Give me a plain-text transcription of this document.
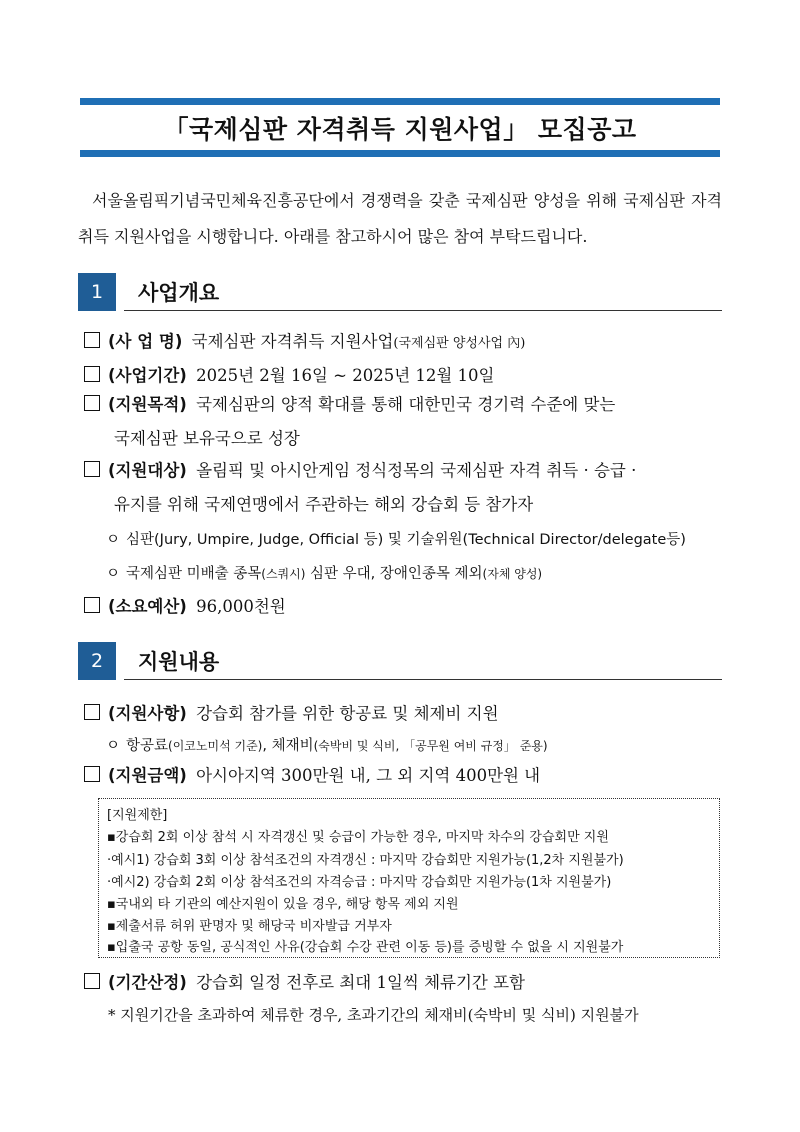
「국제심판 자격취득 지원사업」 모집공고
서울올림픽기념국민체육진흥공단에서 경쟁력을 갖춘 국제심판 양성을 위해 국제심판 자격취득 지원사업을 시행합니다. 아래를 참고하시어 많은 참여 부탁드립니다.
1	사업개요
(사 업 명) 국제심판 자격취득 지원사업(국제심판 양성사업 內)
(사업기간) 2025년 2월 16일 ~ 2025년 12월 10일
(지원목적) 국제심판의 양적 확대를 통해 대한민국 경기력 수준에 맞는
국제심판 보유국으로 성장
(지원대상) 올림픽 및 아시안게임 정식정목의 국제심판 자격 취득 · 승급 ·
유지를 위해 국제연맹에서 주관하는 해외 강습회 등 참가자
ㅇ 심판(Jury, Umpire, Judge, Official 등) 및 기술위원(Technical Director/delegate등)
ㅇ 국제심판 미배출 종목(스쿼시) 심판 우대, 장애인종목 제외(자체 양성)
(소요예산) 96,000천원
2	지원내용
(지원사항) 강습회 참가를 위한 항공료 및 체제비 지원
ㅇ 항공료(이코노미석 기준), 체재비(숙박비 및 식비, 「공무원 여비 규정」 준용)
(지원금액) 아시아지역 300만원 내, 그 외 지역 400만원 내
[지원제한]
▪강습회 2회 이상 참석 시 자격갱신 및 승급이 가능한 경우, 마지막 차수의 강습회만 지원
‧예시1) 강습회 3회 이상 참석조건의 자격갱신 : 마지막 강습회만 지원가능(1,2차 지원불가)
‧예시2) 강습회 2회 이상 참석조건의 자격승급 : 마지막 강습회만 지원가능(1차 지원불가)
▪국내외 타 기관의 예산지원이 있을 경우, 해당 항목 제외 지원
▪제출서류 허위 판명자 및 해당국 비자발급 거부자
▪입출국 공항 동일, 공식적인 사유(강습회 수강 관련 이동 등)를 증빙할 수 없을 시 지원불가
(기간산정) 강습회 일정 전후로 최대 1일씩 체류기간 포함
* 지원기간을 초과하여 체류한 경우, 초과기간의 체재비(숙박비 및 식비) 지원불가
